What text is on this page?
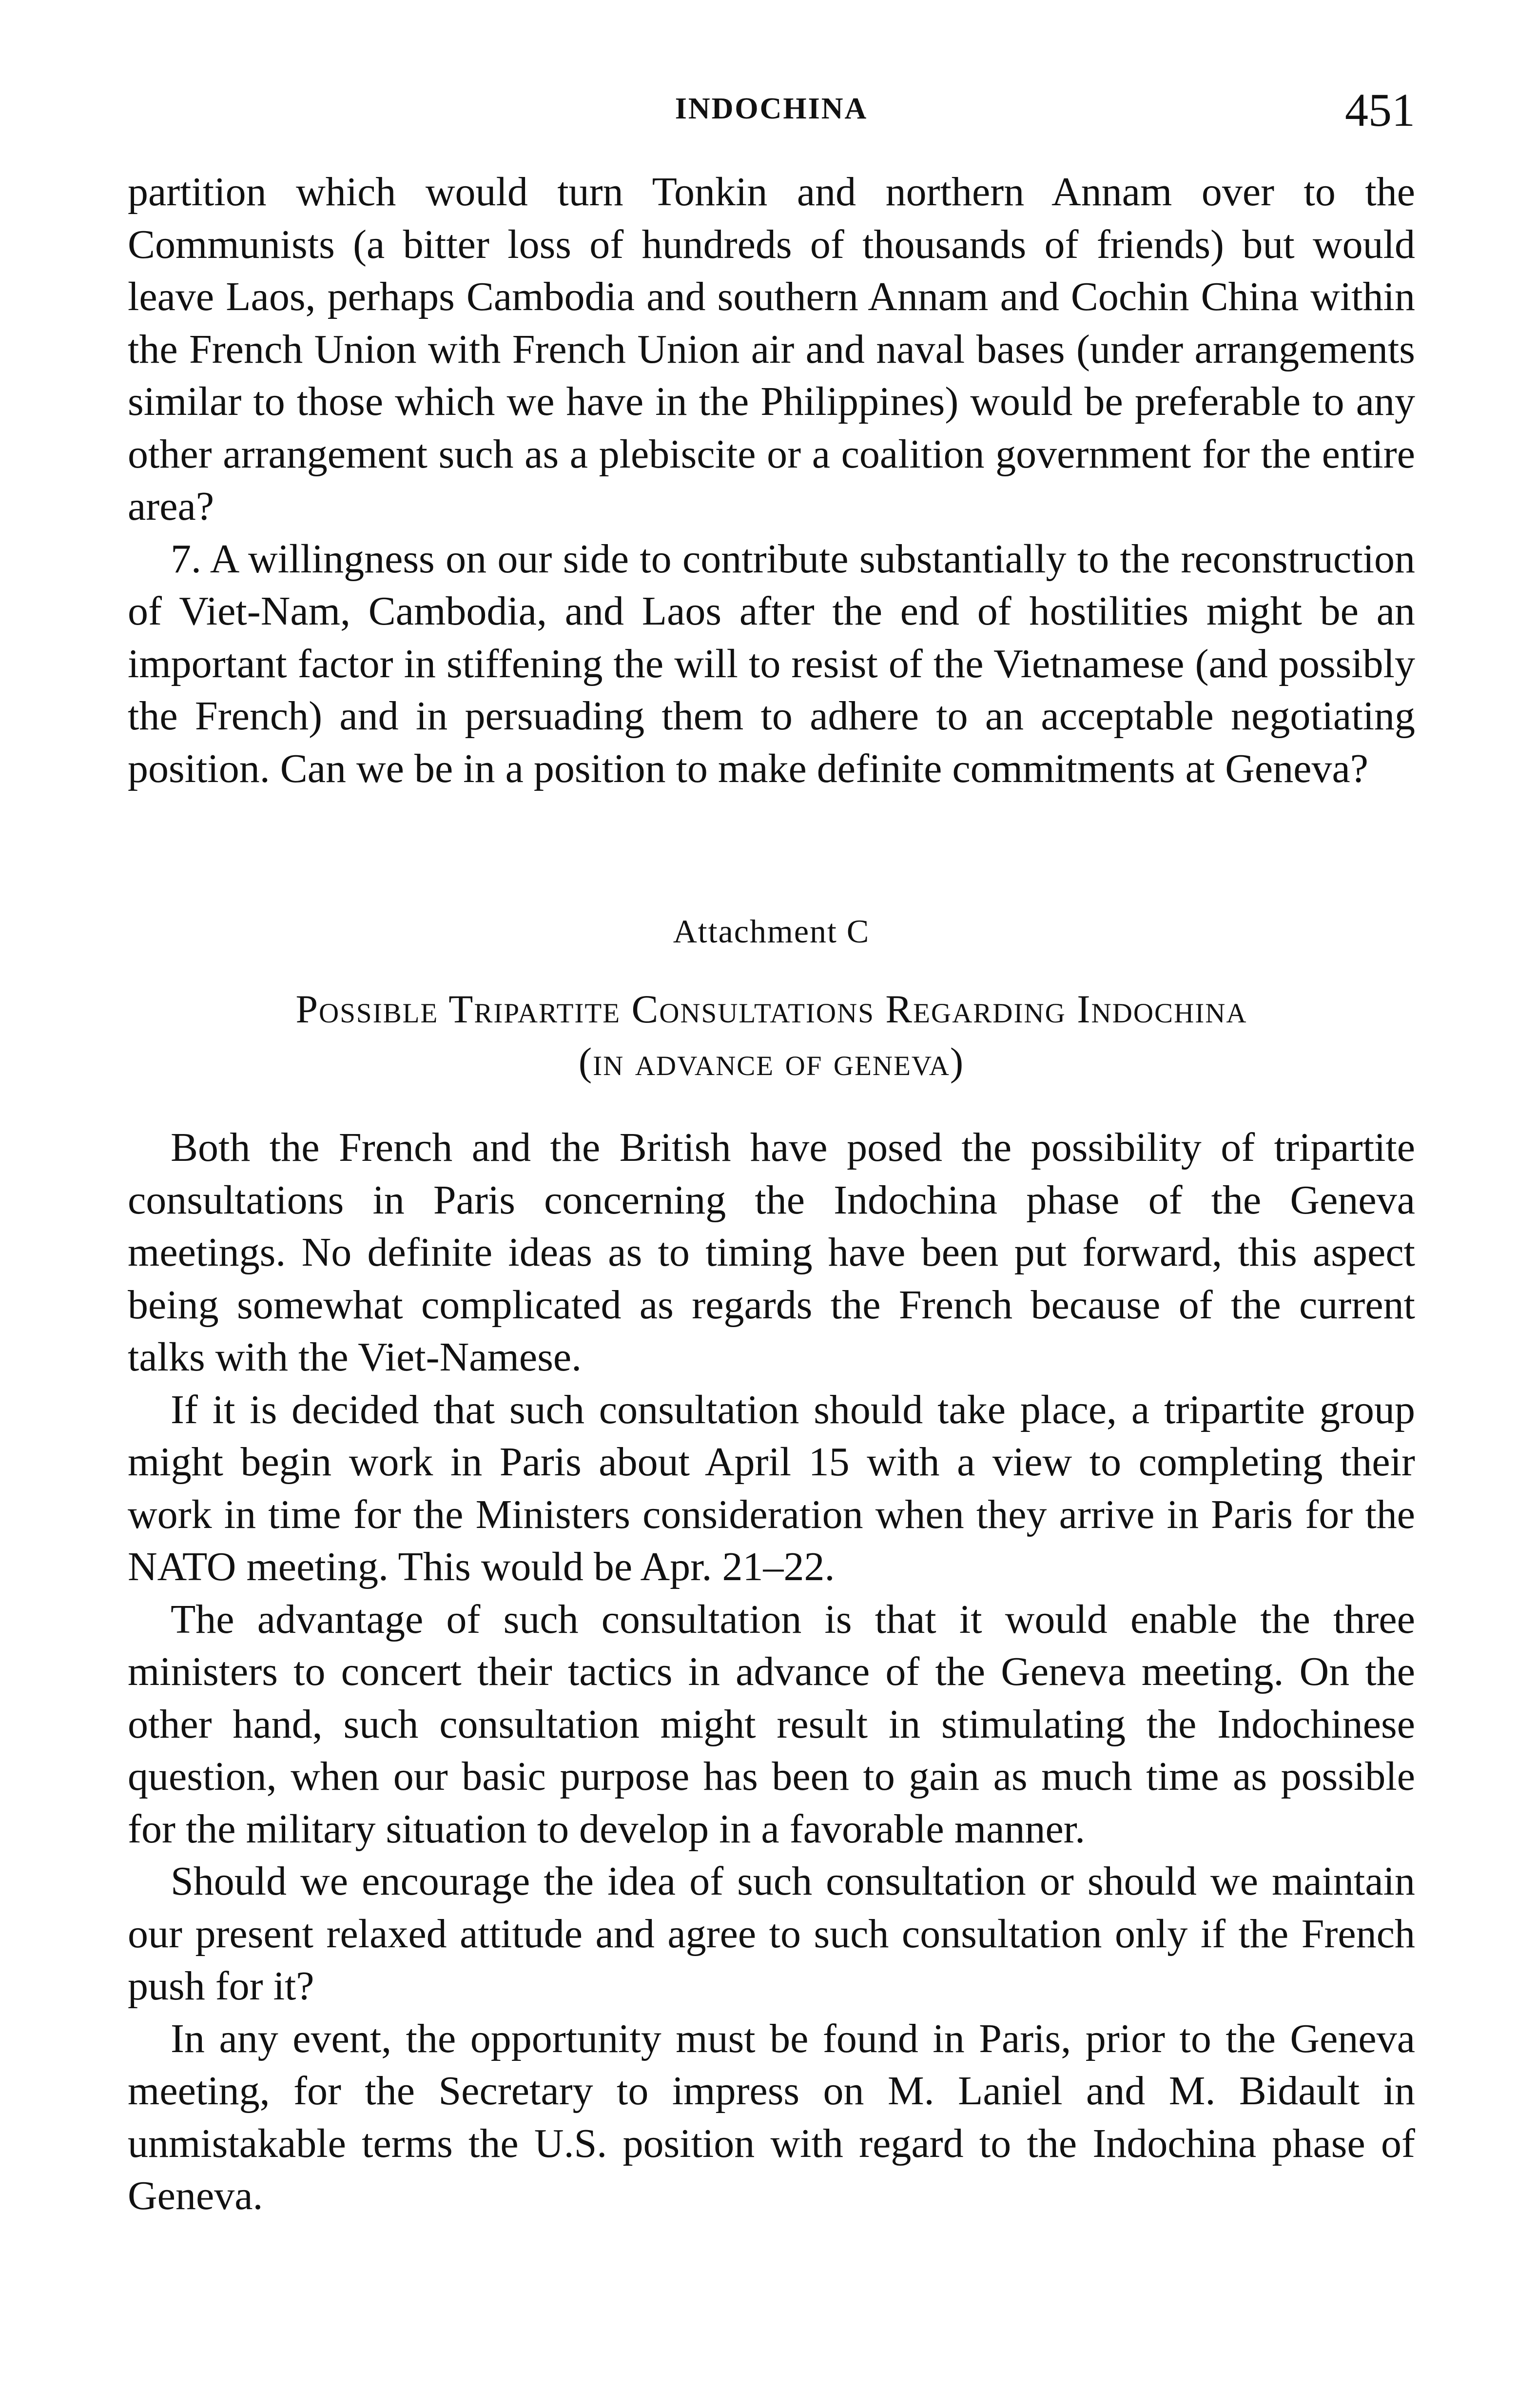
INDOCHINA	451

partition which would turn Tonkin and northern Annam over to the Communists (a bitter loss of hundreds of thousands of friends) but would leave Laos, perhaps Cambodia and southern Annam and Cochin China within the French Union with French Union air and naval bases (under arrangements similar to those which we have in the Philippines) would be preferable to any other arrangement such as a plebiscite or a coalition government for the entire area?

7. A willingness on our side to contribute substantially to the reconstruction of Viet-Nam, Cambodia, and Laos after the end of hostilities might be an important factor in stiffening the will to resist of the Vietnamese (and possibly the French) and in persuading them to adhere to an acceptable negotiating position. Can we be in a position to make definite commitments at Geneva?

Attachment C
Possible Tripartite Consultations Regarding Indochina
(in advance of geneva)

Both the French and the British have posed the possibility of tripartite consultations in Paris concerning the Indochina phase of the Geneva meetings. No definite ideas as to timing have been put forward, this aspect being somewhat complicated as regards the French because of the current talks with the Viet-Namese.

If it is decided that such consultation should take place, a tripartite group might begin work in Paris about April 15 with a view to completing their work in time for the Ministers consideration when they arrive in Paris for the NATO meeting. This would be Apr. 21–22.

The advantage of such consultation is that it would enable the three ministers to concert their tactics in advance of the Geneva meeting. On the other hand, such consultation might result in stimulating the Indochinese question, when our basic purpose has been to gain as much time as possible for the military situation to develop in a favorable manner.

Should we encourage the idea of such consultation or should we maintain our present relaxed attitude and agree to such consultation only if the French push for it?

In any event, the opportunity must be found in Paris, prior to the Geneva meeting, for the Secretary to impress on M. Laniel and M. Bidault in unmistakable terms the U.S. position with regard to the Indochina phase of Geneva.
